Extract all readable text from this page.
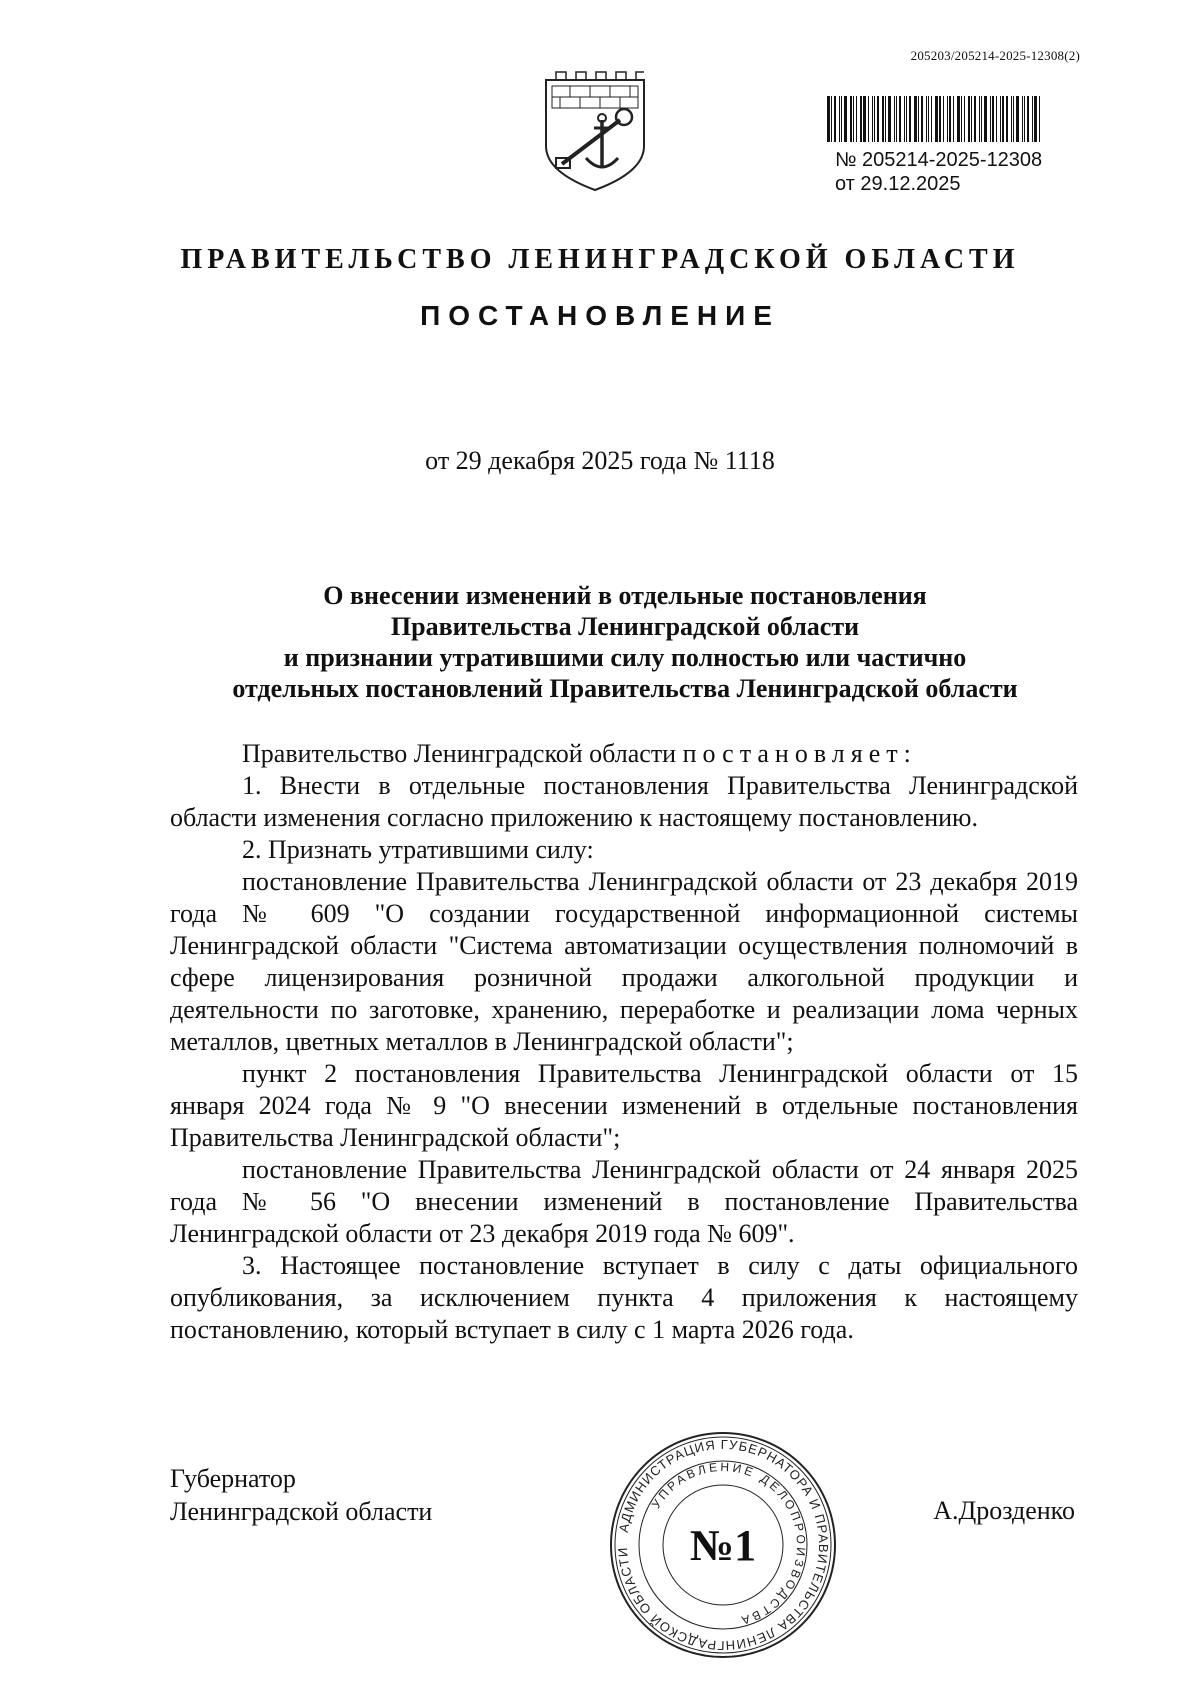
205203/205214-2025-12308(2)
№ 205214-2025-12308
от 29.12.2025
ПРАВИТЕЛЬСТВО ЛЕНИНГРАДСКОЙ ОБЛАСТИ
ПОСТАНОВЛЕНИЕ
от 29 декабря 2025 года № 1118
О внесении изменений в отдельные постановления
Правительства Ленинградской области
и признании утратившими силу полностью или частично
отдельных постановлений Правительства Ленинградской области

Правительство Ленинградской области постановляет:

1. Внести в отдельные постановления Правительства Ленинградской области изменения согласно приложению к настоящему постановлению.

2. Признать утратившими силу:

постановление Правительства Ленинградской области от 23 декабря 2019 года № 609 "О создании государственной информационной системы Ленинградской области "Система автоматизации осуществления полномочий в сфере лицензирования розничной продажи алкогольной продукции и деятельности по заготовке, хранению, переработке и реализации лома черных металлов, цветных металлов в Ленинградской области";

пункт 2 постановления Правительства Ленинградской области от 15 января 2024 года № 9 "О внесении изменений в отдельные постановления Правительства Ленинградской области";

постановление Правительства Ленинградской области от 24 января 2025 года № 56 "О внесении изменений в постановление Правительства Ленинградской области от 23 декабря 2019 года № 609".

3. Настоящее постановление вступает в силу с даты официального опубликования, за исключением пункта 4 приложения к настоящему постановлению, который вступает в силу с 1 марта 2026 года.

Губернатор
Ленинградской области	А.Дрозденко
АДМИНИСТРАЦИЯ ГУБЕРНАТОРА И ПРАВИТЕЛЬСТВА ЛЕНИНГРАДСКОЙ ОБЛАСТИ
УПРАВЛЕНИЕ ДЕЛОПРОИЗВОДСТВА
№1
